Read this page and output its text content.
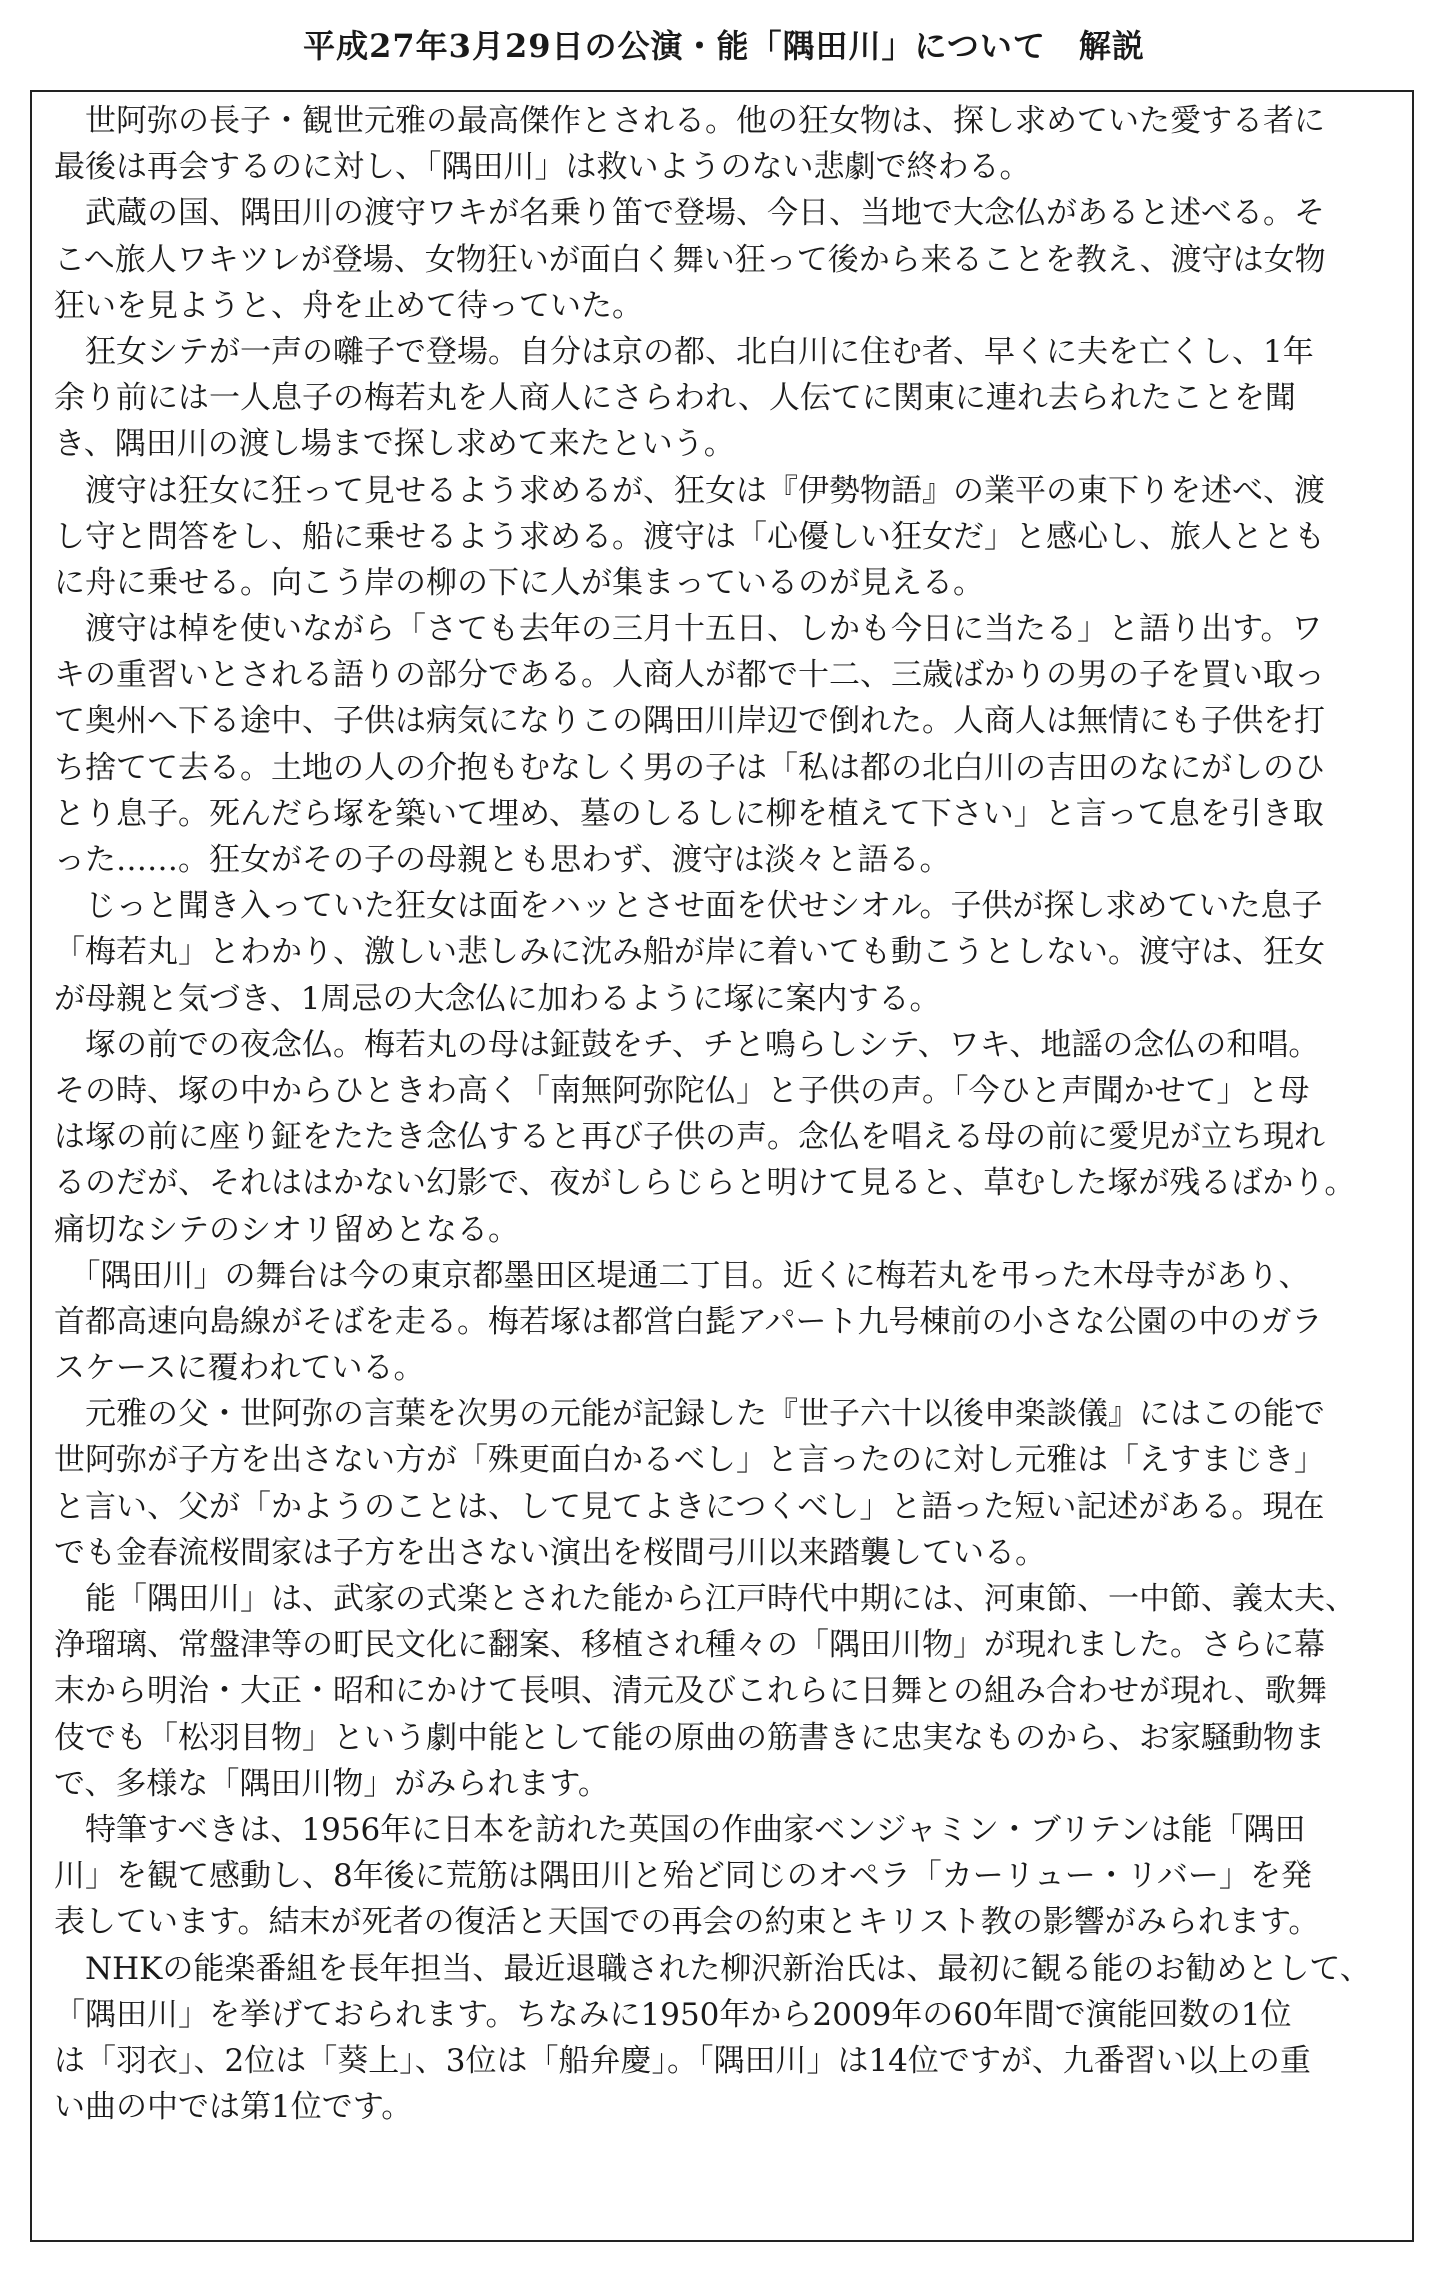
平成27年3月29日の公演・能「隅田川」について　解説
　世阿弥の長子・観世元雅の最高傑作とされる。他の狂女物は、探し求めていた愛する者に
最後は再会するのに対し、「隅田川」は救いようのない悲劇で終わる。
　武蔵の国、隅田川の渡守ワキが名乗り笛で登場、今日、当地で大念仏があると述べる。そ
こへ旅人ワキツレが登場、女物狂いが面白く舞い狂って後から来ることを教え、渡守は女物
狂いを見ようと、舟を止めて待っていた。
　狂女シテが一声の囃子で登場。自分は京の都、北白川に住む者、早くに夫を亡くし、1年
余り前には一人息子の梅若丸を人商人にさらわれ、人伝てに関東に連れ去られたことを聞
き、隅田川の渡し場まで探し求めて来たという。
　渡守は狂女に狂って見せるよう求めるが、狂女は『伊勢物語』の業平の東下りを述べ、渡
し守と問答をし、船に乗せるよう求める。渡守は「心優しい狂女だ」と感心し、旅人ととも
に舟に乗せる。向こう岸の柳の下に人が集まっているのが見える。
　渡守は棹を使いながら「さても去年の三月十五日、しかも今日に当たる」と語り出す。ワ
キの重習いとされる語りの部分である。人商人が都で十二、三歳ばかりの男の子を買い取っ
て奥州へ下る途中、子供は病気になりこの隅田川岸辺で倒れた。人商人は無情にも子供を打
ち捨てて去る。土地の人の介抱もむなしく男の子は「私は都の北白川の吉田のなにがしのひ
とり息子。死んだら塚を築いて埋め、墓のしるしに柳を植えて下さい」と言って息を引き取
った……。狂女がその子の母親とも思わず、渡守は淡々と語る。
　じっと聞き入っていた狂女は面をハッとさせ面を伏せシオル。子供が探し求めていた息子
「梅若丸」とわかり、激しい悲しみに沈み船が岸に着いても動こうとしない。渡守は、狂女
が母親と気づき、1周忌の大念仏に加わるように塚に案内する。
　塚の前での夜念仏。梅若丸の母は鉦鼓をチ、チと鳴らしシテ、ワキ、地謡の念仏の和唱。
その時、塚の中からひときわ高く「南無阿弥陀仏」と子供の声。「今ひと声聞かせて」と母
は塚の前に座り鉦をたたき念仏すると再び子供の声。念仏を唱える母の前に愛児が立ち現れ
るのだが、それははかない幻影で、夜がしらじらと明けて見ると、草むした塚が残るばかり。
痛切なシテのシオリ留めとなる。
　「隅田川」の舞台は今の東京都墨田区堤通二丁目。近くに梅若丸を弔った木母寺があり、
首都高速向島線がそばを走る。梅若塚は都営白髭アパート九号棟前の小さな公園の中のガラ
スケースに覆われている。
　元雅の父・世阿弥の言葉を次男の元能が記録した『世子六十以後申楽談儀』にはこの能で
世阿弥が子方を出さない方が「殊更面白かるべし」と言ったのに対し元雅は「えすまじき」
と言い、父が「かようのことは、して見てよきにつくべし」と語った短い記述がある。現在
でも金春流桜間家は子方を出さない演出を桜間弓川以来踏襲している。
　能「隅田川」は、武家の式楽とされた能から江戸時代中期には、河東節、一中節、義太夫、
浄瑠璃、常盤津等の町民文化に翻案、移植され種々の「隅田川物」が現れました。さらに幕
末から明治・大正・昭和にかけて長唄、清元及びこれらに日舞との組み合わせが現れ、歌舞
伎でも「松羽目物」という劇中能として能の原曲の筋書きに忠実なものから、お家騒動物ま
で、多様な「隅田川物」がみられます。
　特筆すべきは、1956年に日本を訪れた英国の作曲家ベンジャミン・ブリテンは能「隅田
川」を観て感動し、8年後に荒筋は隅田川と殆ど同じのオペラ「カーリュー・リバー」を発
表しています。結末が死者の復活と天国での再会の約束とキリスト教の影響がみられます。
　NHKの能楽番組を長年担当、最近退職された柳沢新治氏は、最初に観る能のお勧めとして、
「隅田川」を挙げておられます。ちなみに1950年から2009年の60年間で演能回数の1位
は「羽衣」、2位は「葵上」、3位は「船弁慶」。「隅田川」は14位ですが、九番習い以上の重
い曲の中では第1位です。
